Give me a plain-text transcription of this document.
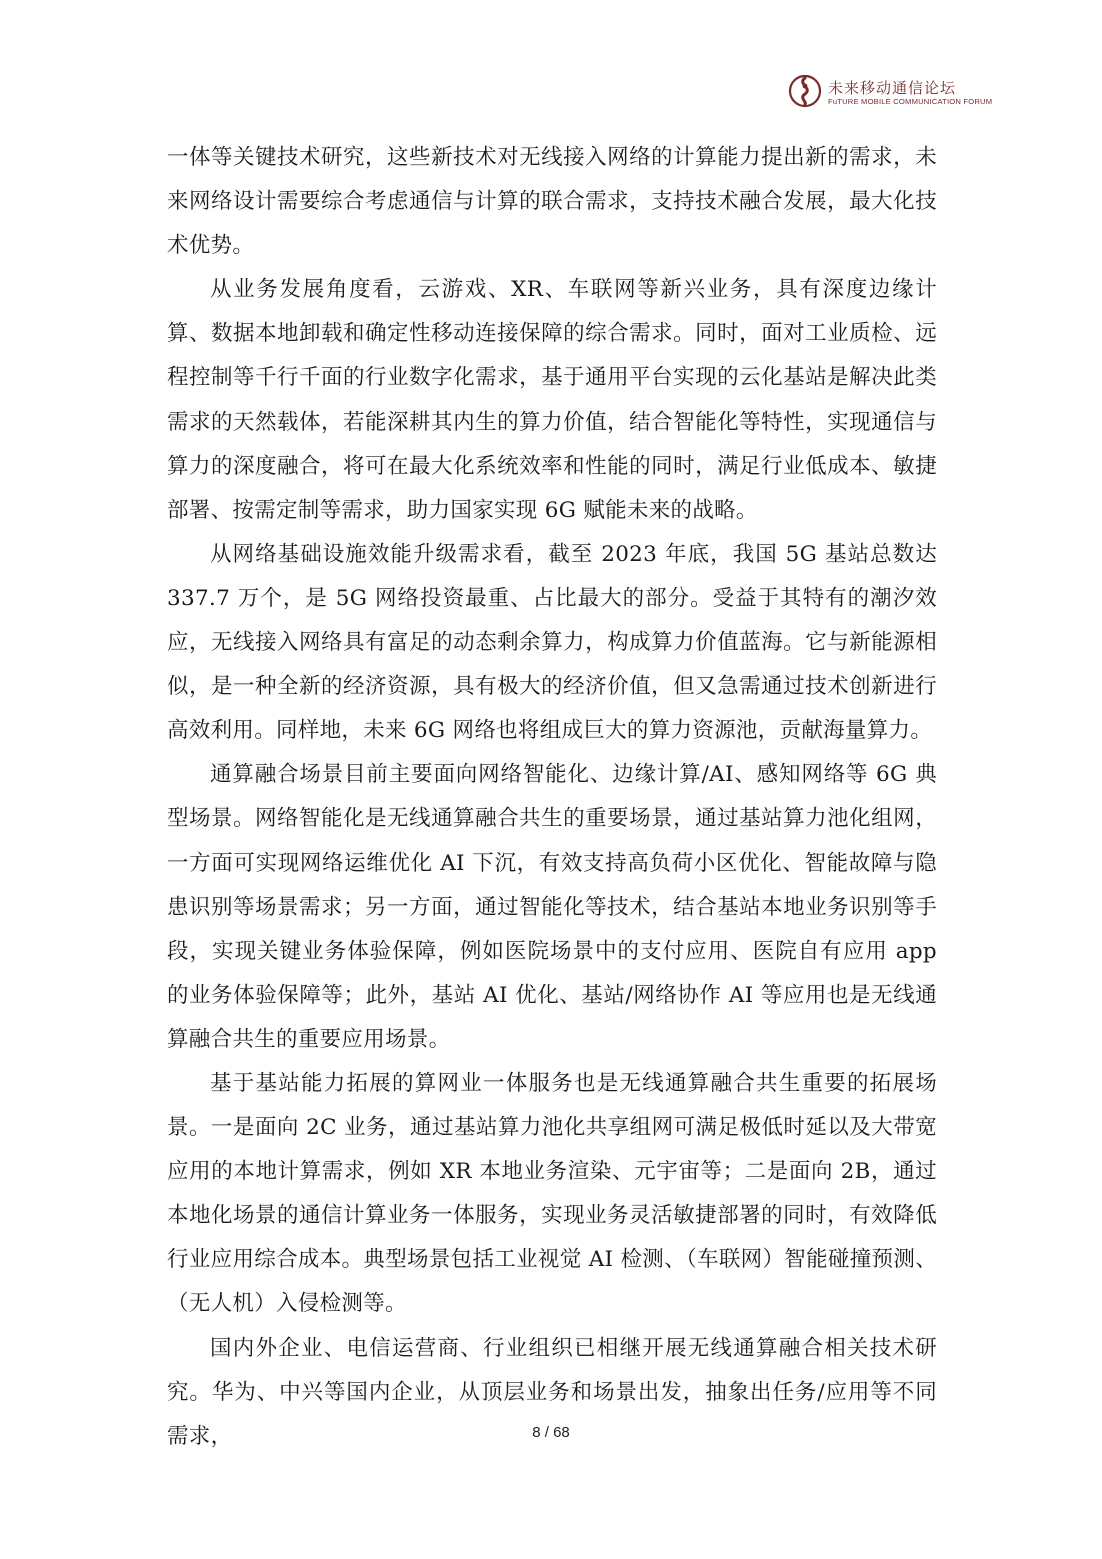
未来移动通信论坛
FuTURE MOBILE COMMUNICATION FORUM

一体等关键技术研究，这些新技术对无线接入网络的计算能力提出新的需求，未来网络设计需要综合考虑通信与计算的联合需求，支持技术融合发展，最大化技术优势。

从业务发展角度看，云游戏、XR、车联网等新兴业务，具有深度边缘计算、数据本地卸载和确定性移动连接保障的综合需求。同时，面对工业质检、远程控制等千行千面的行业数字化需求，基于通用平台实现的云化基站是解决此类需求的天然载体，若能深耕其内生的算力价值，结合智能化等特性，实现通信与算力的深度融合，将可在最大化系统效率和性能的同时，满足行业低成本、敏捷部署、按需定制等需求，助力国家实现 6G 赋能未来的战略。

从网络基础设施效能升级需求看，截至 2023 年底，我国 5G 基站总数达 337.7 万个，是 5G 网络投资最重、占比最大的部分。受益于其特有的潮汐效应，无线接入网络具有富足的动态剩余算力，构成算力价值蓝海。它与新能源相似，是一种全新的经济资源，具有极大的经济价值，但又急需通过技术创新进行高效利用。同样地，未来 6G 网络也将组成巨大的算力资源池，贡献海量算力。

通算融合场景目前主要面向网络智能化、边缘计算/AI、感知网络等 6G 典型场景。网络智能化是无线通算融合共生的重要场景，通过基站算力池化组网，一方面可实现网络运维优化 AI 下沉，有效支持高负荷小区优化、智能故障与隐患识别等场景需求；另一方面，通过智能化等技术，结合基站本地业务识别等手段，实现关键业务体验保障，例如医院场景中的支付应用、医院自有应用 app 的业务体验保障等；此外，基站 AI 优化、基站/网络协作 AI 等应用也是无线通算融合共生的重要应用场景。

基于基站能力拓展的算网业一体服务也是无线通算融合共生重要的拓展场景。一是面向 2C 业务，通过基站算力池化共享组网可满足极低时延以及大带宽应用的本地计算需求，例如 XR 本地业务渲染、元宇宙等；二是面向 2B，通过本地化场景的通信计算业务一体服务，实现业务灵活敏捷部署的同时，有效降低行业应用综合成本。典型场景包括工业视觉 AI 检测、（车联网）智能碰撞预测、（无人机）入侵检测等。

国内外企业、电信运营商、行业组织已相继开展无线通算融合相关技术研究。华为、中兴等国内企业，从顶层业务和场景出发，抽象出任务/应用等不同需求，	8 / 68
